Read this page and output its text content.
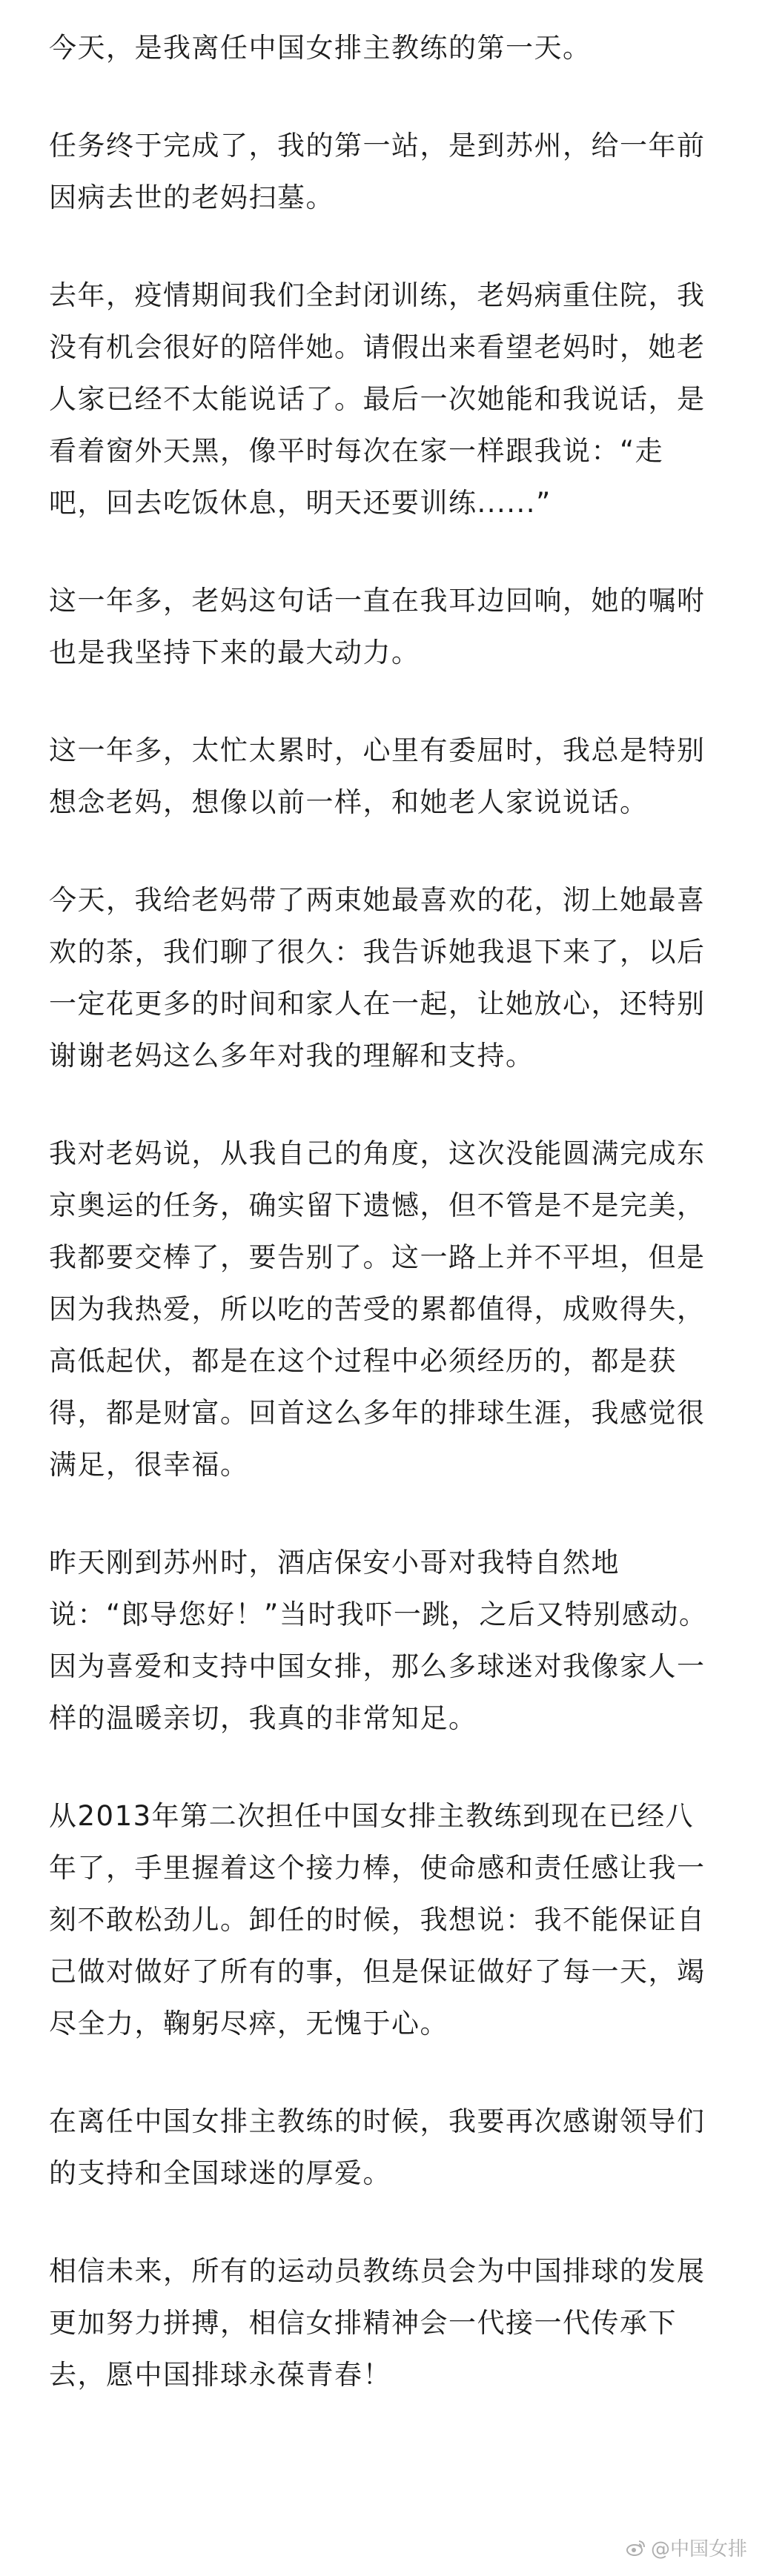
今天，是我离任中国女排主教练的第一天。

任务终于完成了，我的第一站，是到苏州，给一年前因病去世的老妈扫墓。

去年，疫情期间我们全封闭训练，老妈病重住院，我没有机会很好的陪伴她。请假出来看望老妈时，她老人家已经不太能说话了。最后一次她能和我说话，是看着窗外天黑，像平时每次在家一样跟我说：“走吧，回去吃饭休息，明天还要训练......”

这一年多，老妈这句话一直在我耳边回响，她的嘱咐也是我坚持下来的最大动力。

这一年多，太忙太累时，心里有委屈时，我总是特别想念老妈，想像以前一样，和她老人家说说话。

今天，我给老妈带了两束她最喜欢的花，沏上她最喜欢的茶，我们聊了很久：我告诉她我退下来了，以后一定花更多的时间和家人在一起，让她放心，还特别谢谢老妈这么多年对我的理解和支持。

我对老妈说，从我自己的角度，这次没能圆满完成东京奥运的任务，确实留下遗憾，但不管是不是完美，我都要交棒了，要告别了。这一路上并不平坦，但是因为我热爱，所以吃的苦受的累都值得，成败得失，高低起伏，都是在这个过程中必须经历的，都是获得，都是财富。回首这么多年的排球生涯，我感觉很满足，很幸福。

昨天刚到苏州时，酒店保安小哥对我特自然地说：“郎导您好！”当时我吓一跳，之后又特别感动。因为喜爱和支持中国女排，那么多球迷对我像家人一样的温暖亲切，我真的非常知足。

从2013年第二次担任中国女排主教练到现在已经八年了，手里握着这个接力棒，使命感和责任感让我一刻不敢松劲儿。卸任的时候，我想说：我不能保证自己做对做好了所有的事，但是保证做好了每一天，竭尽全力，鞠躬尽瘁，无愧于心。

在离任中国女排主教练的时候，我要再次感谢领导们的支持和全国球迷的厚爱。

相信未来，所有的运动员教练员会为中国排球的发展更加努力拼搏，相信女排精神会一代接一代传承下去，愿中国排球永葆青春！

@中国女排
